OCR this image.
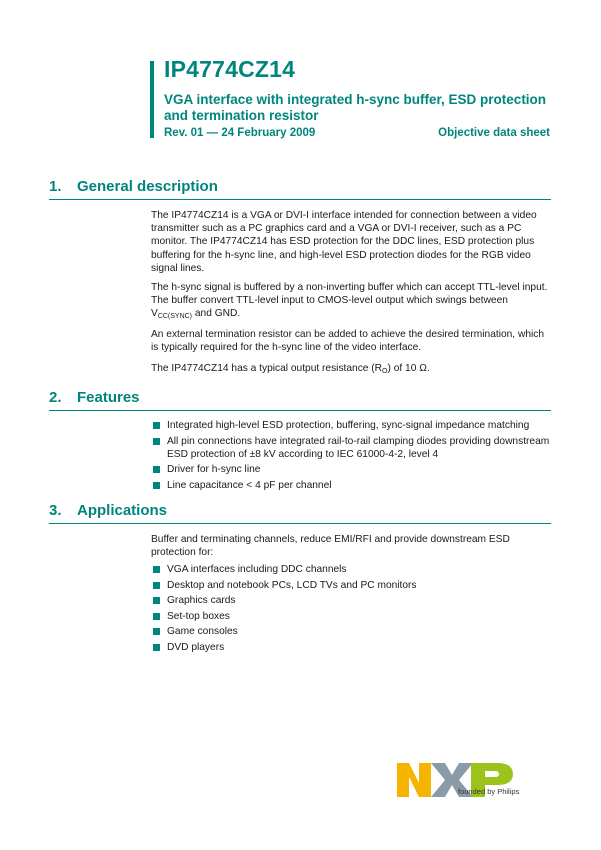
IP4774CZ14
VGA interface with integrated h-sync buffer, ESD protection and termination resistor
Rev. 01 — 24 February 2009	Objective data sheet
1. General description
The IP4774CZ14 is a VGA or DVI-I interface intended for connection between a video transmitter such as a PC graphics card and a VGA or DVI-I receiver, such as a PC monitor. The IP4774CZ14 has ESD protection for the DDC lines, ESD protection plus buffering for the h-sync line, and high-level ESD protection diodes for the RGB video signal lines.
The h-sync signal is buffered by a non-inverting buffer which can accept TTL-level input. The buffer convert TTL-level input to CMOS-level output which swings between $V_{CC(SYNC)}$ and GND.
An external termination resistor can be added to achieve the desired termination, which is typically required for the h-sync line of the video interface.
The IP4774CZ14 has a typical output resistance $(R_O)$ of 10 Ω.
2. Features
Integrated high-level ESD protection, buffering, sync-signal impedance matching
All pin connections have integrated rail-to-rail clamping diodes providing downstream ESD protection of ±8 kV according to IEC 61000-4-2, level 4
Driver for h-sync line
Line capacitance < 4 pF per channel
3. Applications
Buffer and terminating channels, reduce EMI/RFI and provide downstream ESD protection for:
VGA interfaces including DDC channels
Desktop and notebook PCs, LCD TVs and PC monitors
Graphics cards
Set-top boxes
Game consoles
DVD players
founded by Philips
